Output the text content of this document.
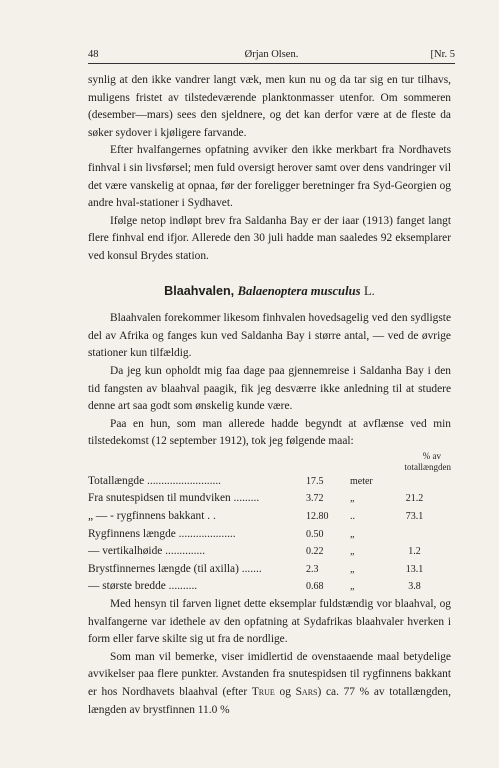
48	Ørjan Olsen.	[Nr. 5

synlig at den ikke vandrer langt væk, men kun nu og da tar sig en tur tilhavs, muligens fristet av tilstedeværende planktonmasser utenfor. Om sommeren (desember—mars) sees den sjeldnere, og det kan derfor være at de fleste da søker sydover i kjøligere farvande.

Efter hvalfangernes opfatning avviker den ikke merkbart fra Nordhavets finhval i sin livsførsel; men fuld oversigt herover samt over dens vandringer vil det være vanskelig at opnaa, før der foreligger beretninger fra Syd-Georgien og andre hval-stationer i Sydhavet.

Ifølge netop indløpt brev fra Saldanha Bay er der iaar (1913) fanget langt flere finhval end ifjor. Allerede den 30 juli hadde man saaledes 92 eksemplarer ved konsul Brydes station.

Blaahvalen, Balaenoptera musculus L.

Blaahvalen forekommer likesom finhvalen hovedsagelig ved den sydligste del av Afrika og fanges kun ved Saldanha Bay i større antal, — ved de øvrige stationer kun tilfældig.

Da jeg kun opholdt mig faa dage paa gjennemreise i Saldanha Bay i den tid fangsten av blaahval paagik, fik jeg desværre ikke anledning til at studere denne art saa godt som ønskelig kunde være.

Paa en hun, som man allerede hadde begyndt at avflænse ved min tilstedekomst (12 september 1912), tok jeg følgende maal:

% av
totallængden
Totallængde ..........................	17.5	meter	
Fra snutespidsen til mundviken .........	3.72	„	21.2
„ — - rygfinnens bakkant . .	12.80	..	73.1
Rygfinnens længde ....................	0.50	„	
— vertikalhøide ..............	0.22	„	1.2
Brystfinnernes længde (til axilla) .......	2.3	„	13.1
— største bredde ..........	0.68	„	3.8

Med hensyn til farven lignet dette eksemplar fuldstændig vor blaahval, og hvalfangerne var idethele av den opfatning at Sydafrikas blaahvaler hverken i form eller farve skilte sig ut fra de nordlige.

Som man vil bemerke, viser imidlertid de ovenstaaende maal betydelige avvikelser paa flere punkter. Avstanden fra snutespidsen til rygfinnens bakkant er hos Nordhavets blaahval (efter True og Sars) ca. 77 % av totallængden, længden av brystfinnen 11.0 %
